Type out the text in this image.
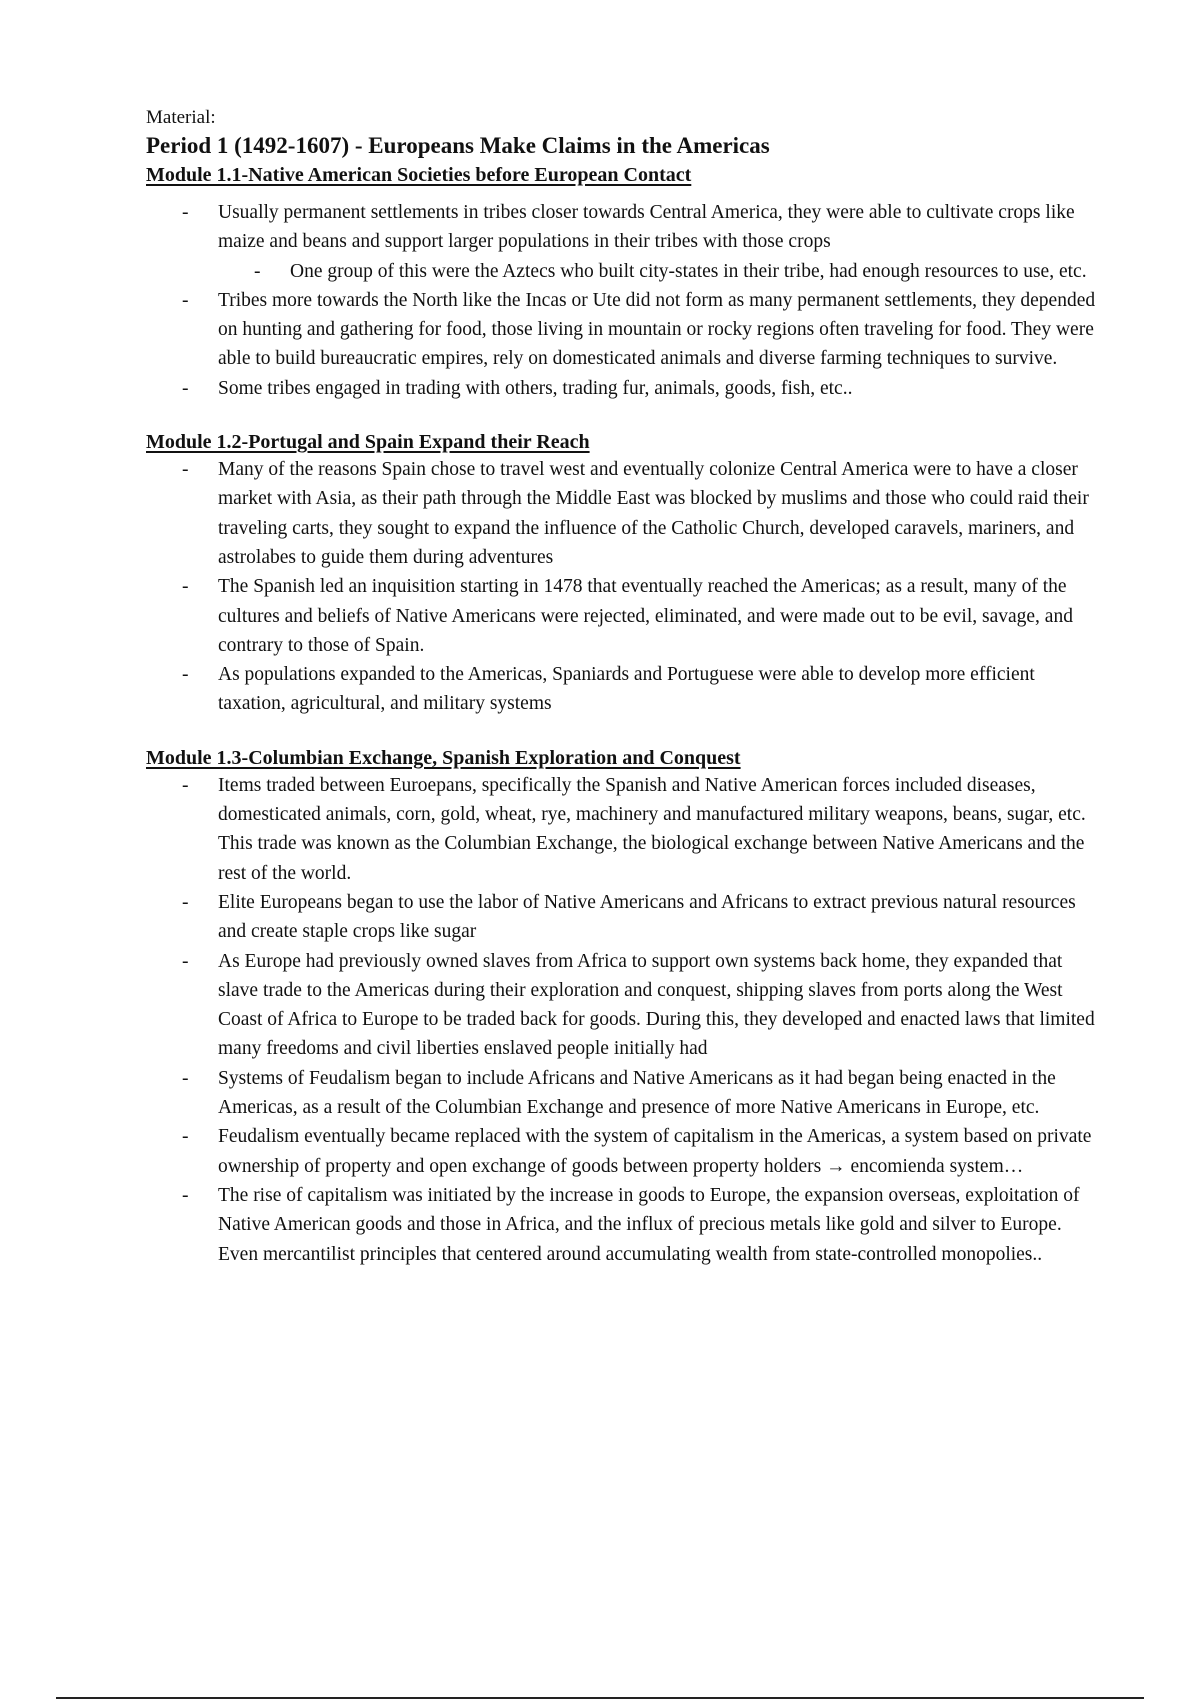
Material:

Period 1 (1492-1607) - Europeans Make Claims in the Americas
Module 1.1-Native American Societies before European Contact
- Usually permanent settlements in tribes closer towards Central America, they were able to cultivate crops like maize and beans and support larger populations in their tribes with those crops
- One group of this were the Aztecs who built city-states in their tribe, had enough resources to use, etc.
- Tribes more towards the North like the Incas or Ute did not form as many permanent settlements, they depended on hunting and gathering for food, those living in mountain or rocky regions often traveling for food. They were able to build bureaucratic empires, rely on domesticated animals and diverse farming techniques to survive.
- Some tribes engaged in trading with others, trading fur, animals, goods, fish, etc..
Module 1.2-Portugal and Spain Expand their Reach
- Many of the reasons Spain chose to travel west and eventually colonize Central America were to have a closer market with Asia, as their path through the Middle East was blocked by muslims and those who could raid their traveling carts, they sought to expand the influence of the Catholic Church, developed caravels, mariners, and astrolabes to guide them during adventures
- The Spanish led an inquisition starting in 1478 that eventually reached the Americas; as a result, many of the cultures and beliefs of Native Americans were rejected, eliminated, and were made out to be evil, savage, and contrary to those of Spain.
- As populations expanded to the Americas, Spaniards and Portuguese were able to develop more efficient taxation, agricultural, and military systems
Module 1.3-Columbian Exchange, Spanish Exploration and Conquest
- Items traded between Euroepans, specifically the Spanish and Native American forces included diseases, domesticated animals, corn, gold, wheat, rye, machinery and manufactured military weapons, beans, sugar, etc. This trade was known as the Columbian Exchange, the biological exchange between Native Americans and the rest of the world.
- Elite Europeans began to use the labor of Native Americans and Africans to extract previous natural resources and create staple crops like sugar
- As Europe had previously owned slaves from Africa to support own systems back home, they expanded that slave trade to the Americas during their exploration and conquest, shipping slaves from ports along the West Coast of Africa to Europe to be traded back for goods. During this, they developed and enacted laws that limited many freedoms and civil liberties enslaved people initially had
- Systems of Feudalism began to include Africans and Native Americans as it had began being enacted in the Americas, as a result of the Columbian Exchange and presence of more Native Americans in Europe, etc.
- Feudalism eventually became replaced with the system of capitalism in the Americas, a system based on private ownership of property and open exchange of goods between property holders → encomienda system…
- The rise of capitalism was initiated by the increase in goods to Europe, the expansion overseas, exploitation of Native American goods and those in Africa, and the influx of precious metals like gold and silver to Europe. Even mercantilist principles that centered around accumulating wealth from state-controlled monopolies..
